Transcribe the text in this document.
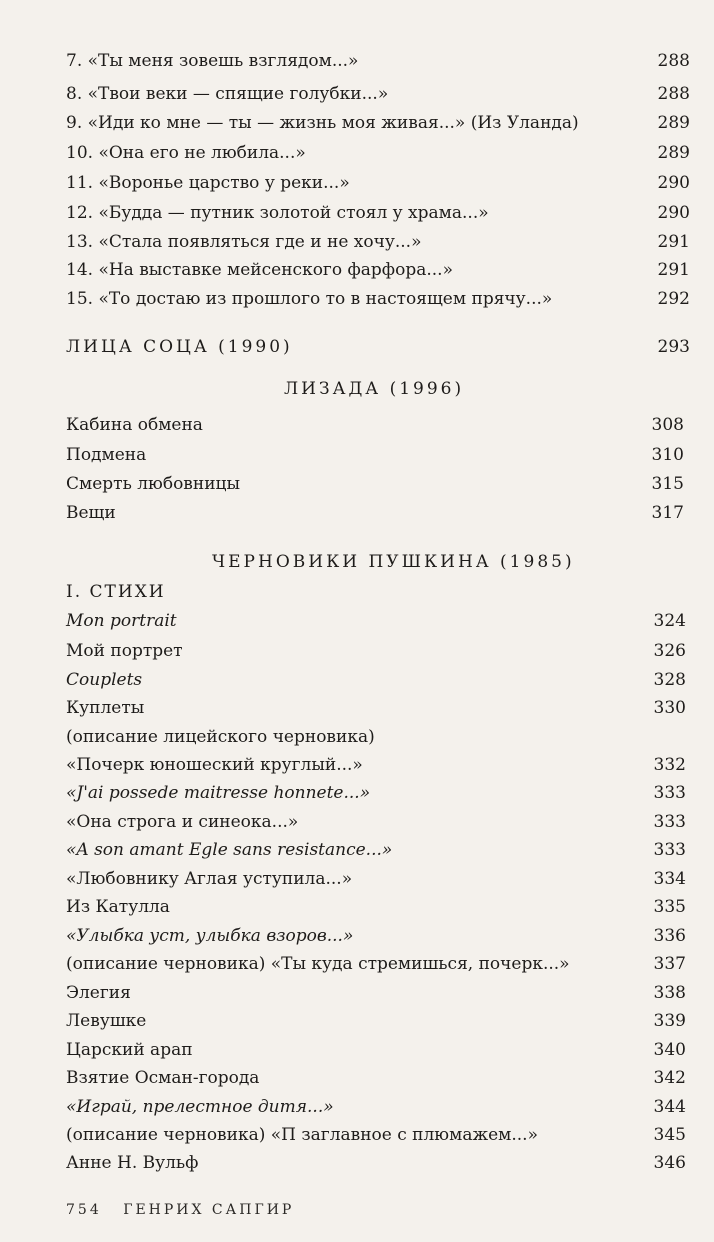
7. «Ты меня зовешь взглядом...»	288
8. «Твои веки — спящие голубки...»	288
9. «Иди ко мне — ты — жизнь моя живая...» (Из Уланда)	289
10. «Она его не любила...»	289
11. «Воронье царство у реки...»	290
12. «Будда — путник золотой стоял у храма...»	290
13. «Стала появляться где и не хочу...»	291
14. «На выставке мейсенского фарфора...»	291
15. «То достаю из прошлого то в настоящем прячу...»	292
ЛИЦА СОЦА (1990)	293
ЛИЗАДА (1996)
Кабина обмена	308
Подмена	310
Смерть любовницы	315
Вещи	317
ЧЕРНОВИКИ ПУШКИНА (1985)
I. СТИХИ
Mon portrait	324
Мой портрет	326
Couplets	328
Куплеты	330
(описание лицейского черновика)
«Почерк юношеский круглый...»	332
«J'ai possede maitresse honnete...»	333
«Она строга и синеока...»	333
«A son amant Egle sans resistance...»	333
«Любовнику Аглая уступила...»	334
Из Катулла	335
«Улыбка уст, улыбка взоров...»	336
(описание черновика) «Ты куда стремишься, почерк...»	337
Элегия	338
Левушке	339
Царский арап	340
Взятие Осман-города	342
«Играй, прелестное дитя...»	344
(описание черновика) «П заглавное с плюмажем...»	345
Анне Н. Вульф	346
754 ГЕНРИХ САПГИР
